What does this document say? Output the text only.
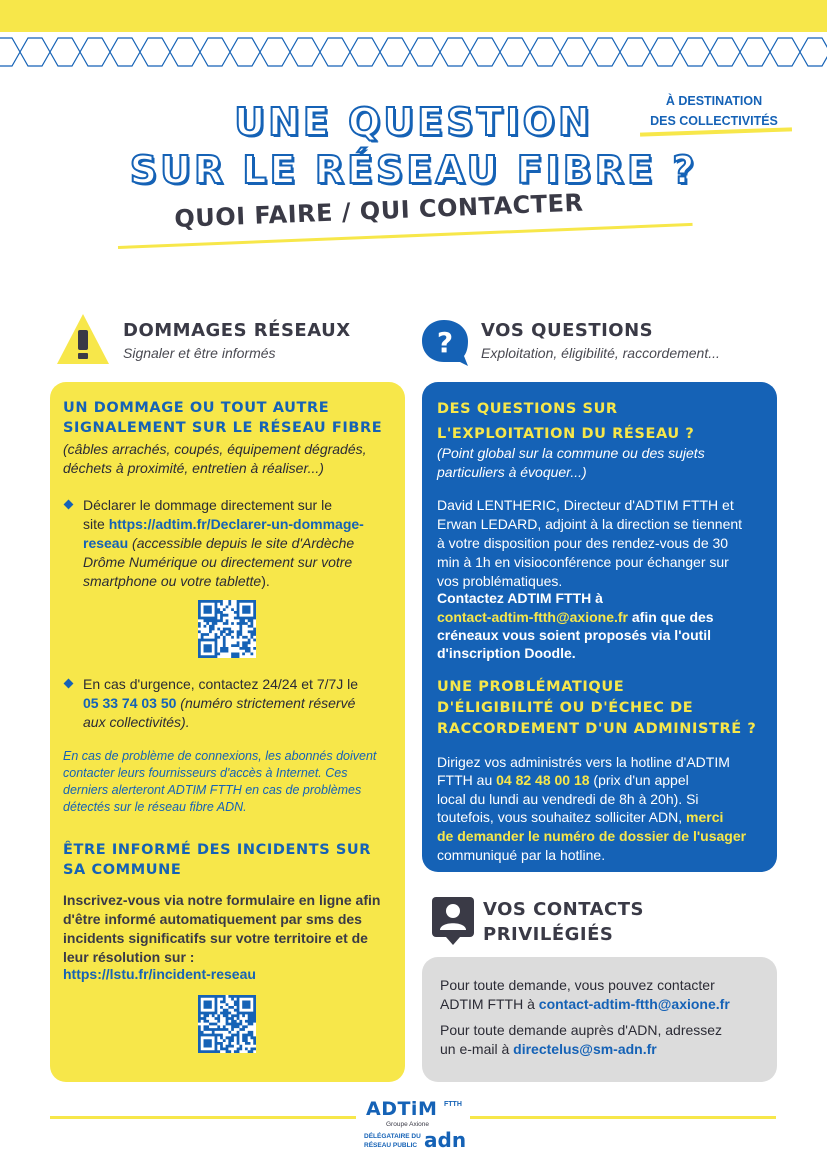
UNE QUESTION
SUR LE RÉSEAU FIBRE ?
À DESTINATION
DES COLLECTIVITÉS
QUOI FAIRE / QUI CONTACTER
DOMMAGES RÉSEAUX
Signaler et être informés	? VOS QUESTIONS
Exploitation, éligibilité, raccordement...
UN DOMMAGE OU TOUT AUTRE
SIGNALEMENT SUR LE RÉSEAU FIBRE
(câbles arrachés, coupés, équipement dégradés,
déchets à proximité, entretien à réaliser...)
Déclarer le dommage directement sur le
site https://adtim.fr/Declarer-un-dommage-
reseau (accessible depuis le site d'Ardèche
Drôme Numérique ou directement sur votre
smartphone ou votre tablette).
En cas d'urgence, contactez 24/24 et 7/7J le
05 33 74 03 50 (numéro strictement réservé
aux collectivités).
En cas de problème de connexions, les abonnés doivent
contacter leurs fournisseurs d'accès à Internet. Ces
derniers alerteront ADTIM FTTH en cas de problèmes
détectés sur le réseau fibre ADN.
ÊTRE INFORMÉ DES INCIDENTS SUR
SA COMMUNE
Inscrivez-vous via notre formulaire en ligne afin
d'être informé automatiquement par sms des
incidents significatifs sur votre territoire et de
leur résolution sur :
https://lstu.fr/incident-reseau
DES QUESTIONS SUR
L'EXPLOITATION DU RÉSEAU ?
(Point global sur la commune ou des sujets
particuliers à évoquer...)
David LENTHERIC, Directeur d'ADTIM FTTH et
Erwan LEDARD, adjoint à la direction se tiennent
à votre disposition pour des rendez-vous de 30
min à 1h en visioconférence pour échanger sur
vos problématiques.
Contactez ADTIM FTTH à
contact-adtim-ftth@axione.fr afin que des
créneaux vous soient proposés via l'outil
d'inscription Doodle.
UNE PROBLÉMATIQUE
D'ÉLIGIBILITÉ OU D'ÉCHEC DE
RACCORDEMENT D'UN ADMINISTRÉ ?
Dirigez vos administrés vers la hotline d'ADTIM
FTTH au 04 82 48 00 18 (prix d'un appel
local du lundi au vendredi de 8h à 20h). Si
toutefois, vous souhaitez solliciter ADN, merci
de demander le numéro de dossier de l'usager
communiqué par la hotline.
VOS CONTACTS
PRIVILÉGIÉS
Pour toute demande, vous pouvez contacter
ADTIM FTTH à contact-adtim-ftth@axione.fr
Pour toute demande auprès d'ADN, adressez
un e-mail à directelus@sm-adn.fr
ADTiM FTTH
Groupe Axione
DÉLÉGATAIRE DU
RÉSEAU PUBLIC adn
